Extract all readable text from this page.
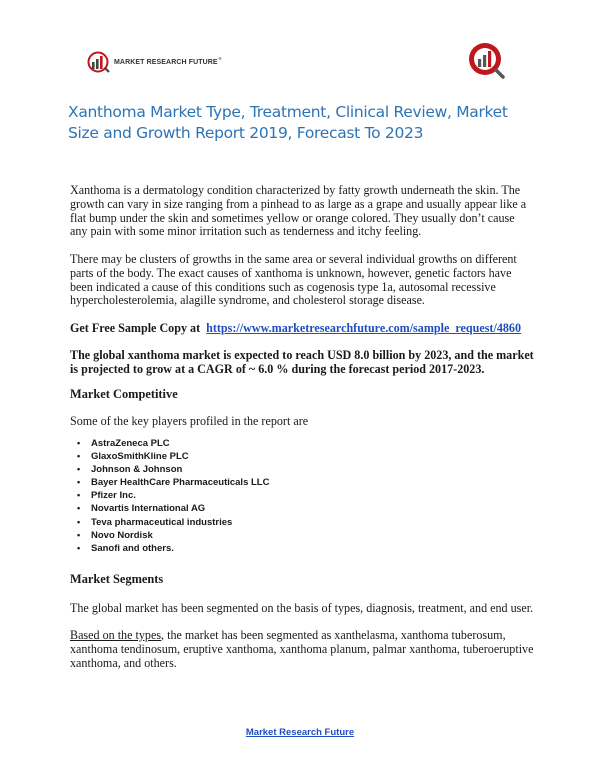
MARKET RESEARCH FUTURE
®
Xanthoma Market Type, Treatment, Clinical Review, Market Size and Growth Report 2019, Forecast To 2023

Xanthoma is a dermatology condition characterized by fatty growth underneath the skin. The growth can vary in size ranging from a pinhead to as large as a grape and usually appear like a flat bump under the skin and sometimes yellow or orange colored. They usually don’t cause any pain with some minor irritation such as tenderness and itchy feeling.

There may be clusters of growths in the same area or several individual growths on different parts of the body. The exact causes of xanthoma is unknown, however, genetic factors have been indicated a cause of this conditions such as cogenosis type 1a, autosomal recessive hypercholesterolemia, alagille syndrome, and cholesterol storage disease.

Get Free Sample Copy at https://www.marketresearchfuture.com/sample_request/4860

The global xanthoma market is expected to reach USD 8.0 billion by 2023, and the market is projected to grow at a CAGR of ~ 6.0 % during the forecast period 2017-2023.

Market Competitive

Some of the key players profiled in the report are

• AstraZeneca PLC
• GlaxoSmithKline PLC
• Johnson & Johnson
• Bayer HealthCare Pharmaceuticals LLC
• Pfizer Inc.
• Novartis International AG
• Teva pharmaceutical industries
• Novo Nordisk
• Sanofi and others.

Market Segments

The global market has been segmented on the basis of types, diagnosis, treatment, and end user.

Based on the types, the market has been segmented as xanthelasma, xanthoma tuberosum, xanthoma tendinosum, eruptive xanthoma, xanthoma planum, palmar xanthoma, tuberoeruptive xanthoma, and others.

Market Research Future
